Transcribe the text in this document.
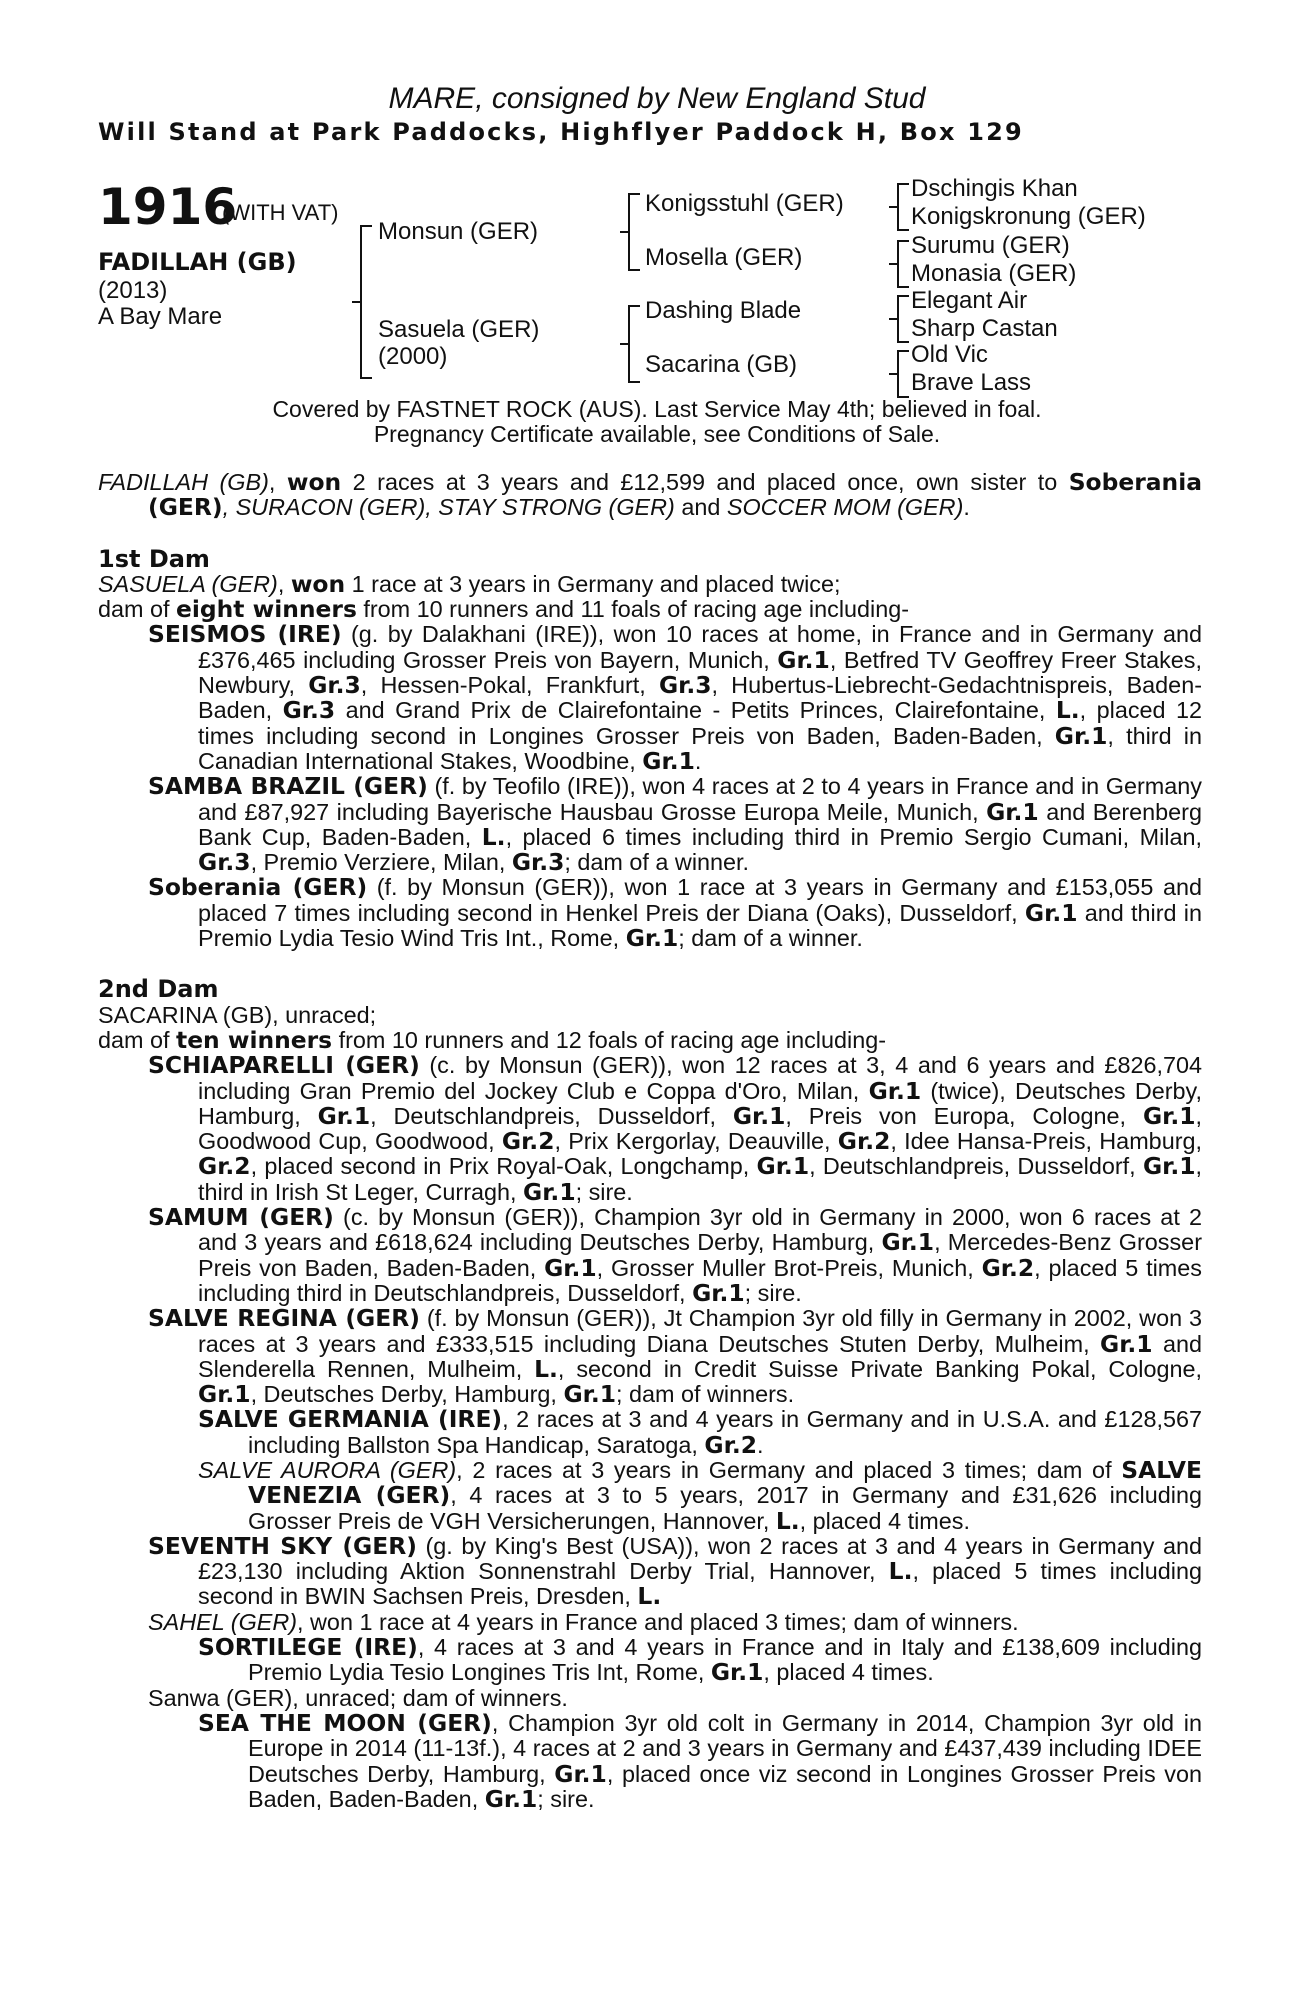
MARE, consigned by New England Stud
Will Stand at Park Paddocks, Highflyer Paddock H, Box 129
1916
(WITH VAT)
FADILLAH (GB)
(2013)
A Bay Mare
Monsun (GER)
Sasuela (GER)
(2000)
Konigsstuhl (GER)
Mosella (GER)
Dashing Blade
Sacarina (GB)
Dschingis Khan
Konigskronung (GER)
Surumu (GER)
Monasia (GER)
Elegant Air
Sharp Castan
Old Vic
Brave Lass
Covered by FASTNET ROCK (AUS). Last Service May 4th; believed in foal.
Pregnancy Certificate available, see Conditions of Sale.

FADILLAH (GB), won 2 races at 3 years and £12,599 and placed once, own sister to Soberania (GER), SURACON (GER), STAY STRONG (GER) and SOCCER MOM (GER).

1st Dam

SASUELA (GER), won 1 race at 3 years in Germany and placed twice;

dam of eight winners from 10 runners and 11 foals of racing age including-

SEISMOS (IRE) (g. by Dalakhani (IRE)), won 10 races at home, in France and in Germany and £376,465 including Grosser Preis von Bayern, Munich, Gr.1, Betfred TV Geoffrey Freer Stakes, Newbury, Gr.3, Hessen-Pokal, Frankfurt, Gr.3, Hubertus-Liebrecht-Gedachtnispreis, Baden-Baden, Gr.3 and Grand Prix de Clairefontaine - Petits Princes, Clairefontaine, L., placed 12 times including second in Longines Grosser Preis von Baden, Baden-Baden, Gr.1, third in Canadian International Stakes, Woodbine, Gr.1.

SAMBA BRAZIL (GER) (f. by Teofilo (IRE)), won 4 races at 2 to 4 years in France and in Germany and £87,927 including Bayerische Hausbau Grosse Europa Meile, Munich, Gr.1 and Berenberg Bank Cup, Baden-Baden, L., placed 6 times including third in Premio Sergio Cumani, Milan, Gr.3, Premio Verziere, Milan, Gr.3; dam of a winner.

Soberania (GER) (f. by Monsun (GER)), won 1 race at 3 years in Germany and £153,055 and placed 7 times including second in Henkel Preis der Diana (Oaks), Dusseldorf, Gr.1 and third in Premio Lydia Tesio Wind Tris Int., Rome, Gr.1; dam of a winner.

2nd Dam

SACARINA (GB), unraced;

dam of ten winners from 10 runners and 12 foals of racing age including-

SCHIAPARELLI (GER) (c. by Monsun (GER)), won 12 races at 3, 4 and 6 years and £826,704 including Gran Premio del Jockey Club e Coppa d'Oro, Milan, Gr.1 (twice), Deutsches Derby, Hamburg, Gr.1, Deutschlandpreis, Dusseldorf, Gr.1, Preis von Europa, Cologne, Gr.1, Goodwood Cup, Goodwood, Gr.2, Prix Kergorlay, Deauville, Gr.2, Idee Hansa-Preis, Hamburg, Gr.2, placed second in Prix Royal-Oak, Longchamp, Gr.1, Deutschlandpreis, Dusseldorf, Gr.1, third in Irish St Leger, Curragh, Gr.1; sire.

SAMUM (GER) (c. by Monsun (GER)), Champion 3yr old in Germany in 2000, won 6 races at 2 and 3 years and £618,624 including Deutsches Derby, Hamburg, Gr.1, Mercedes-Benz Grosser Preis von Baden, Baden-Baden, Gr.1, Grosser Muller Brot-Preis, Munich, Gr.2, placed 5 times including third in Deutschlandpreis, Dusseldorf, Gr.1; sire.

SALVE REGINA (GER) (f. by Monsun (GER)), Jt Champion 3yr old filly in Germany in 2002, won 3 races at 3 years and £333,515 including Diana Deutsches Stuten Derby, Mulheim, Gr.1 and Slenderella Rennen, Mulheim, L., second in Credit Suisse Private Banking Pokal, Cologne, Gr.1, Deutsches Derby, Hamburg, Gr.1; dam of winners.

SALVE GERMANIA (IRE), 2 races at 3 and 4 years in Germany and in U.S.A. and £128,567 including Ballston Spa Handicap, Saratoga, Gr.2.

SALVE AURORA (GER), 2 races at 3 years in Germany and placed 3 times; dam of SALVE VENEZIA (GER), 4 races at 3 to 5 years, 2017 in Germany and £31,626 including Grosser Preis de VGH Versicherungen, Hannover, L., placed 4 times.

SEVENTH SKY (GER) (g. by King's Best (USA)), won 2 races at 3 and 4 years in Germany and £23,130 including Aktion Sonnenstrahl Derby Trial, Hannover, L., placed 5 times including second in BWIN Sachsen Preis, Dresden, L.

SAHEL (GER), won 1 race at 4 years in France and placed 3 times; dam of winners.

SORTILEGE (IRE), 4 races at 3 and 4 years in France and in Italy and £138,609 including Premio Lydia Tesio Longines Tris Int, Rome, Gr.1, placed 4 times.

Sanwa (GER), unraced; dam of winners.

SEA THE MOON (GER), Champion 3yr old colt in Germany in 2014, Champion 3yr old in Europe in 2014 (11-13f.), 4 races at 2 and 3 years in Germany and £437,439 including IDEE Deutsches Derby, Hamburg, Gr.1, placed once viz second in Longines Grosser Preis von Baden, Baden-Baden, Gr.1; sire.
